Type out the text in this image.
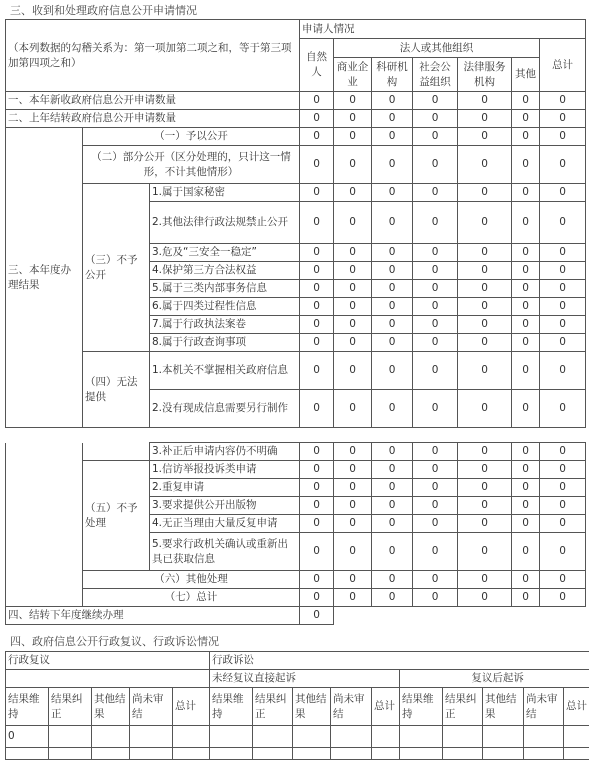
三、收到和处理政府信息公开申请情况
（本列数据的勾稽关系为：第一项加第二项之和，等于第三项加第四项之和）			申请人情况						
			自然人	法人或其他组织					总计
				商业企业	科研机构	社会公益组织	法律服务机构	其他	
一、本年新收政府信息公开申请数量			0	0	0	0	0	0	0
二、上年结转政府信息公开申请数量			0	0	0	0	0	0	0
三、本年度办理结果	（一）予以公开		0	0	0	0	0	0	0
	（二）部分公开（区分处理的，只计这一情形，不计其他情形）		0	0	0	0	0	0	0
	（三）不予公开	1.属于国家秘密	0	0	0	0	0	0	0
		2.其他法律行政法规禁止公开	0	0	0	0	0	0	0
		3.危及“三安全一稳定”	0	0	0	0	0	0	0
		4.保护第三方合法权益	0	0	0	0	0	0	0
		5.属于三类内部事务信息	0	0	0	0	0	0	0
		6.属于四类过程性信息	0	0	0	0	0	0	0
		7.属于行政执法案卷	0	0	0	0	0	0	0
		8.属于行政查询事项	0	0	0	0	0	0	0
	（四）无法提供	1.本机关不掌握相关政府信息	0	0	0	0	0	0	0
		2.没有现成信息需要另行制作	0	0	0	0	0	0	0

		3.补正后申请内容仍不明确	0	0	0	0	0	0	0
	（五）不予处理	1.信访举报投诉类申请	0	0	0	0	0	0	0
		2.重复申请	0	0	0	0	0	0	0
		3.要求提供公开出版物	0	0	0	0	0	0	0
		4.无正当理由大量反复申请	0	0	0	0	0	0	0
		5.要求行政机关确认或重新出具已获取信息	0	0	0	0	0	0	0
	（六）其他处理		0	0	0	0	0	0	0
	（七）总计		0	0	0	0	0	0	0
四、结转下年度继续办理			0						
四、政府信息公开行政复议、行政诉讼情况
行政复议					行政诉讼									
					未经复议直接起诉					复议后起诉				
结果维持	结果纠正	其他结果	尚未审结	总计	结果维持	结果纠正	其他结果	尚未审结	总计	结果维持	结果纠正	其他结果	尚未审结	总计
0														
